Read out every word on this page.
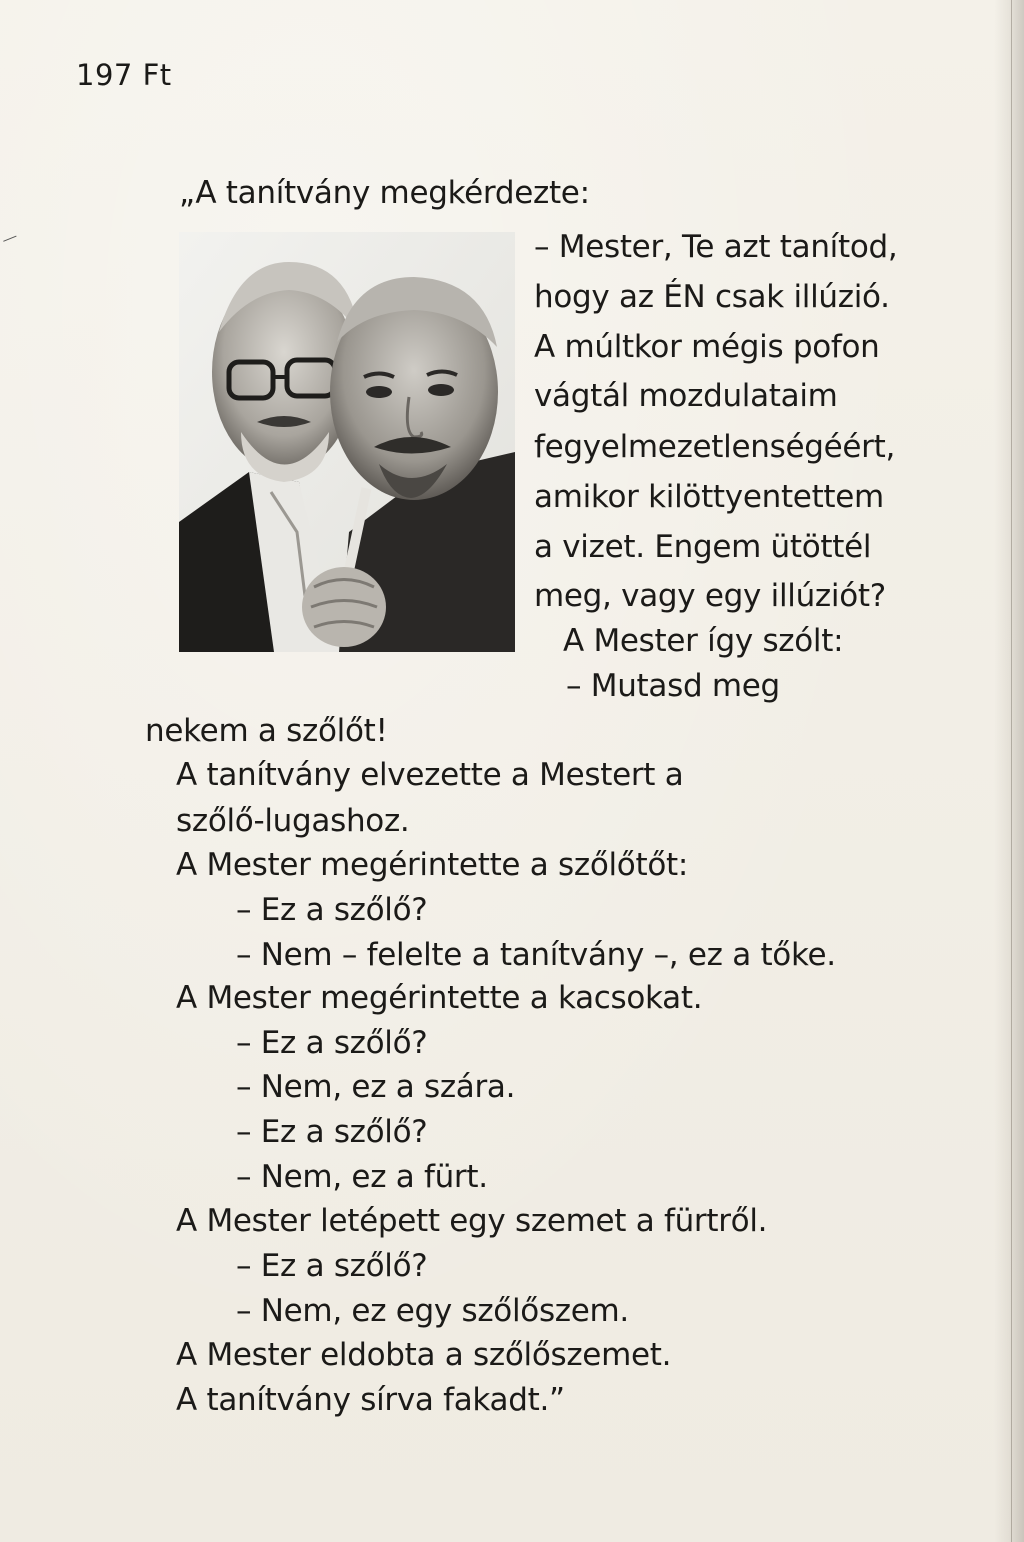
197 Ft
„A tanítvány megkérdezte:
– Mester, Te azt tanítod,
hogy az ÉN csak illúzió.
A múltkor mégis pofon
vágtál mozdulataim
fegyelmezetlenségéért,
amikor kilöttyentettem
a vizet. Engem ütöttél
meg, vagy egy illúziót?
A Mester így szólt:
– Mutasd meg
nekem a szőlőt!
A tanítvány elvezette a Mestert a
szőlő-lugashoz.
A Mester megérintette a szőlőtőt:
– Ez a szőlő?
– Nem – felelte a tanítvány –, ez a tőke.
A Mester megérintette a kacsokat.
– Ez a szőlő?
– Nem, ez a szára.
– Ez a szőlő?
– Nem, ez a fürt.
A Mester letépett egy szemet a fürtről.
– Ez a szőlő?
– Nem, ez egy szőlőszem.
A Mester eldobta a szőlőszemet.
A tanítvány sírva fakadt.”
